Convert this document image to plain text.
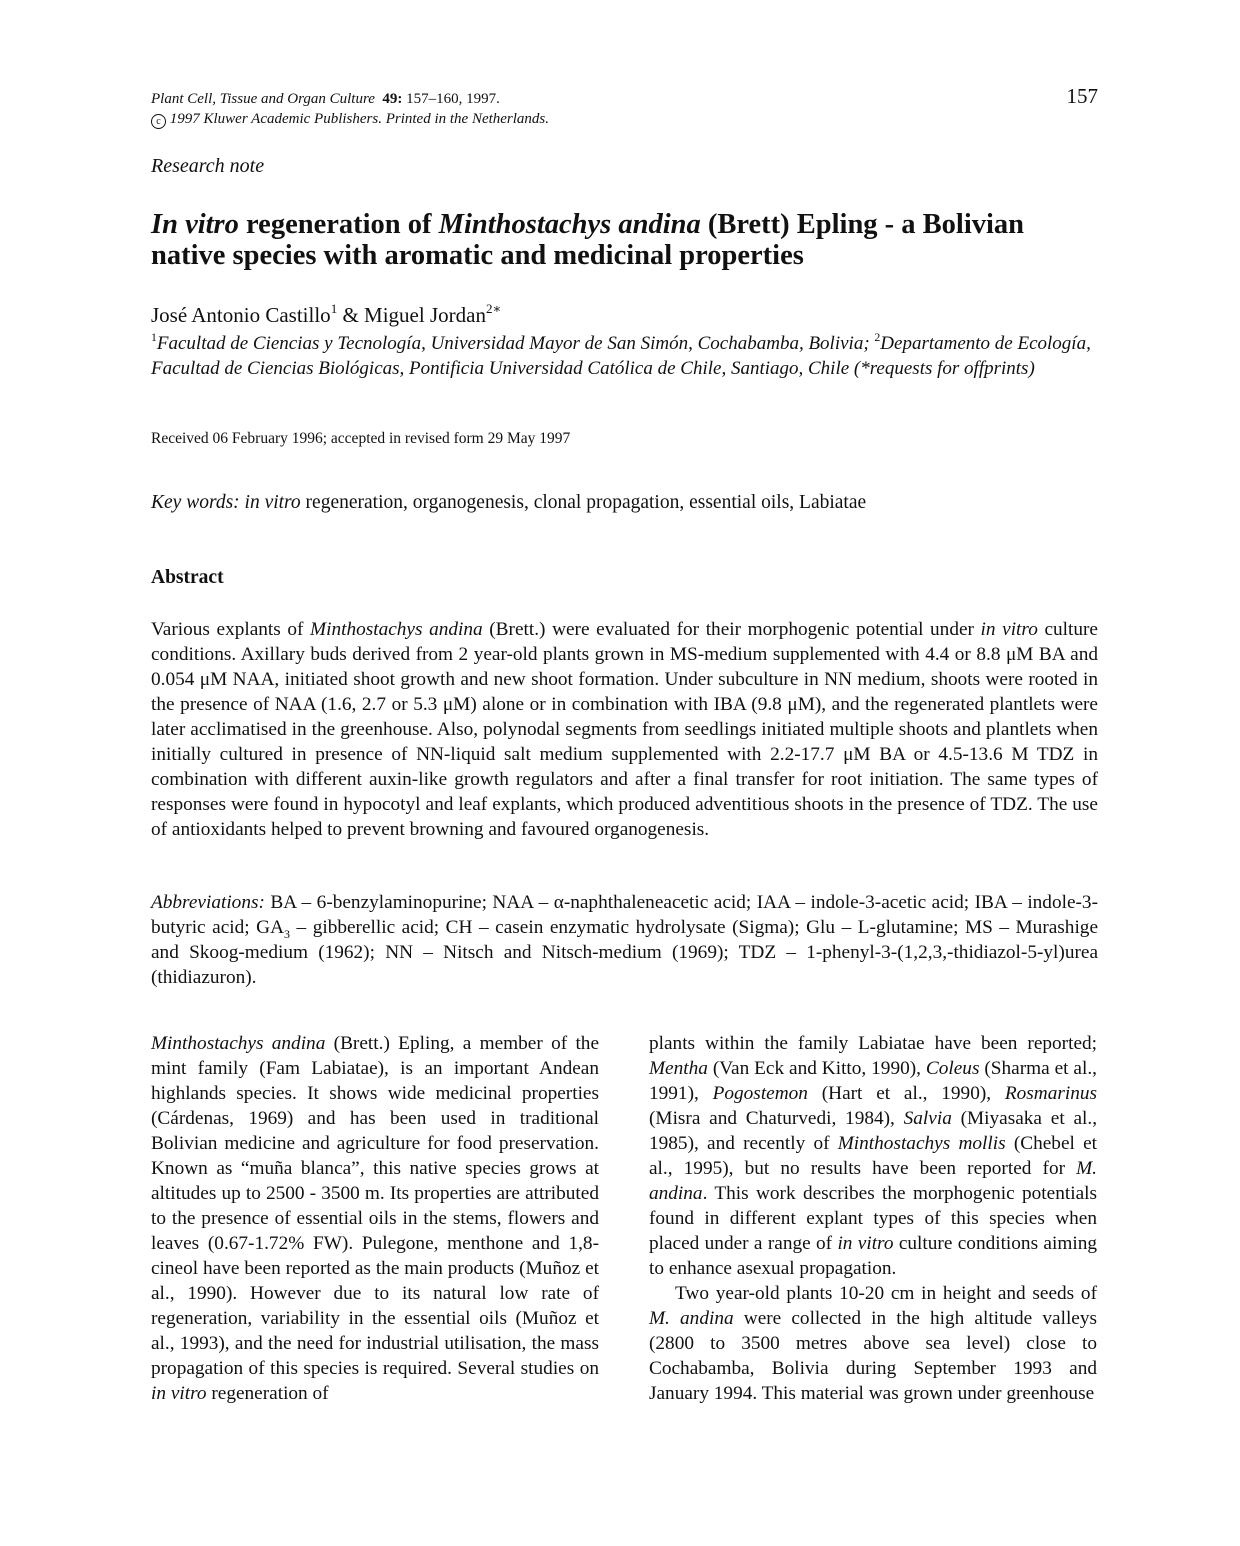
Plant Cell, Tissue and Organ Culture 49: 157–160, 1997.
c 1997 Kluwer Academic Publishers. Printed in the Netherlands.
157
Research note
In vitro regeneration of Minthostachys andina (Brett) Epling - a Bolivian native species with aromatic and medicinal properties
José Antonio Castillo$^1$ & Miguel Jordan$^{2∗}$
$^1$Facultad de Ciencias y Tecnología, Universidad Mayor de San Simón, Cochabamba, Bolivia; $^2$Departamento de Ecología, Facultad de Ciencias Biológicas, Pontificia Universidad Católica de Chile, Santiago, Chile (*requests for offprints)
Received 06 February 1996; accepted in revised form 29 May 1997
Key words: in vitro regeneration, organogenesis, clonal propagation, essential oils, Labiatae
Abstract

Various explants of Minthostachys andina (Brett.) were evaluated for their morphogenic potential under in vitro culture conditions. Axillary buds derived from 2 year-old plants grown in MS-medium supplemented with 4.4 or 8.8 μM BA and 0.054 μM NAA, initiated shoot growth and new shoot formation. Under subculture in NN medium, shoots were rooted in the presence of NAA (1.6, 2.7 or 5.3 μM) alone or in combination with IBA (9.8 μM), and the regenerated plantlets were later acclimatised in the greenhouse. Also, polynodal segments from seedlings initiated multiple shoots and plantlets when initially cultured in presence of NN-liquid salt medium supplemented with 2.2-17.7 μM BA or 4.5-13.6 M TDZ in combination with different auxin-like growth regulators and after a final transfer for root initiation. The same types of responses were found in hypocotyl and leaf explants, which produced adventitious shoots in the presence of TDZ. The use of antioxidants helped to prevent browning and favoured organogenesis.

Abbreviations: BA – 6-benzylaminopurine; NAA – α-naphthaleneacetic acid; IAA – indole-3-acetic acid; IBA – indole-3-butyric acid; $GA_3$ – gibberellic acid; CH – casein enzymatic hydrolysate (Sigma); Glu – L-glutamine; MS – Murashige and Skoog-medium (1962); NN – Nitsch and Nitsch-medium (1969); TDZ – 1-phenyl-3-(1,2,3,-thidiazol-5-yl)urea (thidiazuron).

Minthostachys andina (Brett.) Epling, a member of the mint family (Fam Labiatae), is an important Andean highlands species. It shows wide medicinal properties (Cárdenas, 1969) and has been used in traditional Bolivian medicine and agriculture for food preservation. Known as “muña blanca”, this native species grows at altitudes up to 2500 - 3500 m. Its properties are attributed to the presence of essential oils in the stems, flowers and leaves (0.67-1.72% FW). Pulegone, menthone and 1,8-cineol have been reported as the main products (Muñoz et al., 1990). However due to its natural low rate of regeneration, variability in the essential oils (Muñoz et al., 1993), and the need for industrial utilisation, the mass propagation of this species is required. Several studies on in vitro regeneration of

plants within the family Labiatae have been reported; Mentha (Van Eck and Kitto, 1990), Coleus (Sharma et al., 1991), Pogostemon (Hart et al., 1990), Rosmarinus (Misra and Chaturvedi, 1984), Salvia (Miyasaka et al., 1985), and recently of Minthostachys mollis (Chebel et al., 1995), but no results have been reported for M. andina. This work describes the morphogenic potentials found in different explant types of this species when placed under a range of in vitro culture conditions aiming to enhance asexual propagation.

Two year-old plants 10-20 cm in height and seeds of M. andina were collected in the high altitude valleys (2800 to 3500 metres above sea level) close to Cochabamba, Bolivia during September 1993 and January 1994. This material was grown under greenhouse
